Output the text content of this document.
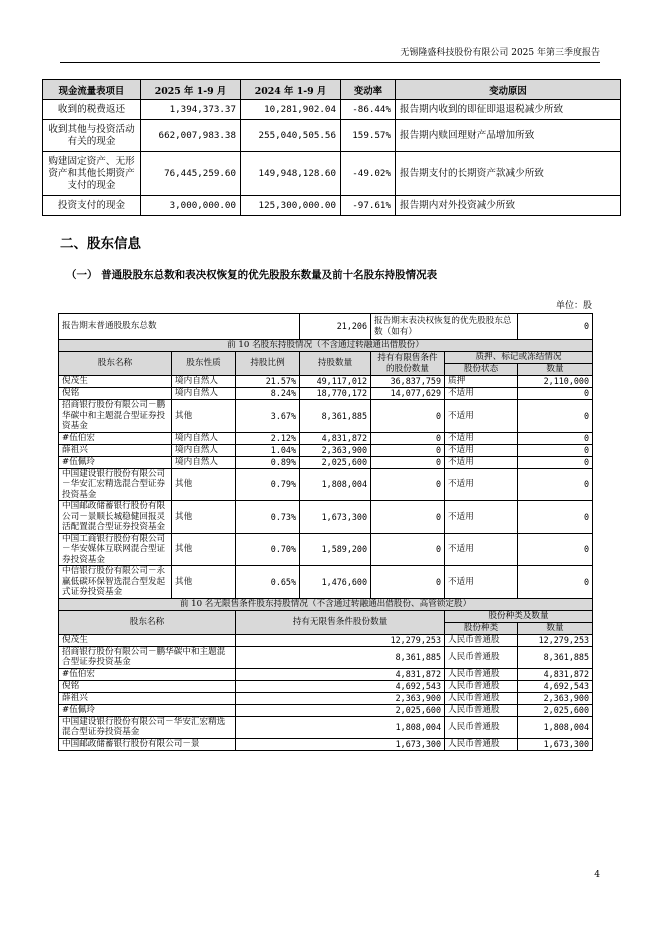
无锡隆盛科技股份有限公司 2025 年第三季度报告
现金流量表项目	2025 年 1-9 月	2024 年 1-9 月	变动率	变动原因
收到的税费返还	1,394,373.37	10,281,902.04	-86.44%	报告期内收到的即征即退退税减少所致
收到其他与投资活动有关的现金	662,007,983.38	255,040,505.56	159.57%	报告期内赎回理财产品增加所致
购建固定资产、无形资产和其他长期资产支付的现金	76,445,259.60	149,948,128.60	-49.02%	报告期支付的长期资产款减少所致
投资支付的现金	3,000,000.00	125,300,000.00	-97.61%	报告期内对外投资减少所致
二、股东信息
（一） 普通股股东总数和表决权恢复的优先股股东数量及前十名股东持股情况表
单位：股
报告期末普通股股东总数			21,206	报告期末表决权恢复的优先股股东总数（如有）		0
前 10 名股东持股情况（不含通过转融通出借股份）						
股东名称	股东性质	持股比例	持股数量	持有有限售条件的股份数量	质押、标记或冻结情况	
					股份状态	数量
倪茂生	境内自然人	21.57%	49,117,012	36,837,759	质押	2,110,000
倪铭	境内自然人	8.24%	18,770,172	14,077,629	不适用	0
招商银行股份有限公司－鹏华碳中和主题混合型证券投资基金	其他	3.67%	8,361,885	0	不适用	0
#伍伯宏	境内自然人	2.12%	4,831,872	0	不适用	0
薛祖兴	境内自然人	1.04%	2,363,900	0	不适用	0
#伍佩玲	境内自然人	0.89%	2,025,600	0	不适用	0
中国建设银行股份有限公司－华安汇宏精选混合型证券投资基金	其他	0.79%	1,808,004	0	不适用	0
中国邮政储蓄银行股份有限公司－景顺长城稳健回报灵活配置混合型证券投资基金	其他	0.73%	1,673,300	0	不适用	0
中国工商银行股份有限公司－华安媒体互联网混合型证券投资基金	其他	0.70%	1,589,200	0	不适用	0
中信银行股份有限公司－永赢低碳环保智选混合型发起式证券投资基金	其他	0.65%	1,476,600	0	不适用	0
前 10 名无限售条件股东持股情况（不含通过转融通出借股份、高管锁定股）						
股东名称		持有无限售条件股份数量			股份种类及数量	
					股份种类	数量
倪茂生		12,279,253			人民币普通股	12,279,253
招商银行股份有限公司－鹏华碳中和主题混合型证券投资基金		8,361,885			人民币普通股	8,361,885
#伍伯宏		4,831,872			人民币普通股	4,831,872
倪铭		4,692,543			人民币普通股	4,692,543
薛祖兴		2,363,900			人民币普通股	2,363,900
#伍佩玲		2,025,600			人民币普通股	2,025,600
中国建设银行股份有限公司－华安汇宏精选混合型证券投资基金		1,808,004			人民币普通股	1,808,004
中国邮政储蓄银行股份有限公司－景		1,673,300			人民币普通股	1,673,300
4
